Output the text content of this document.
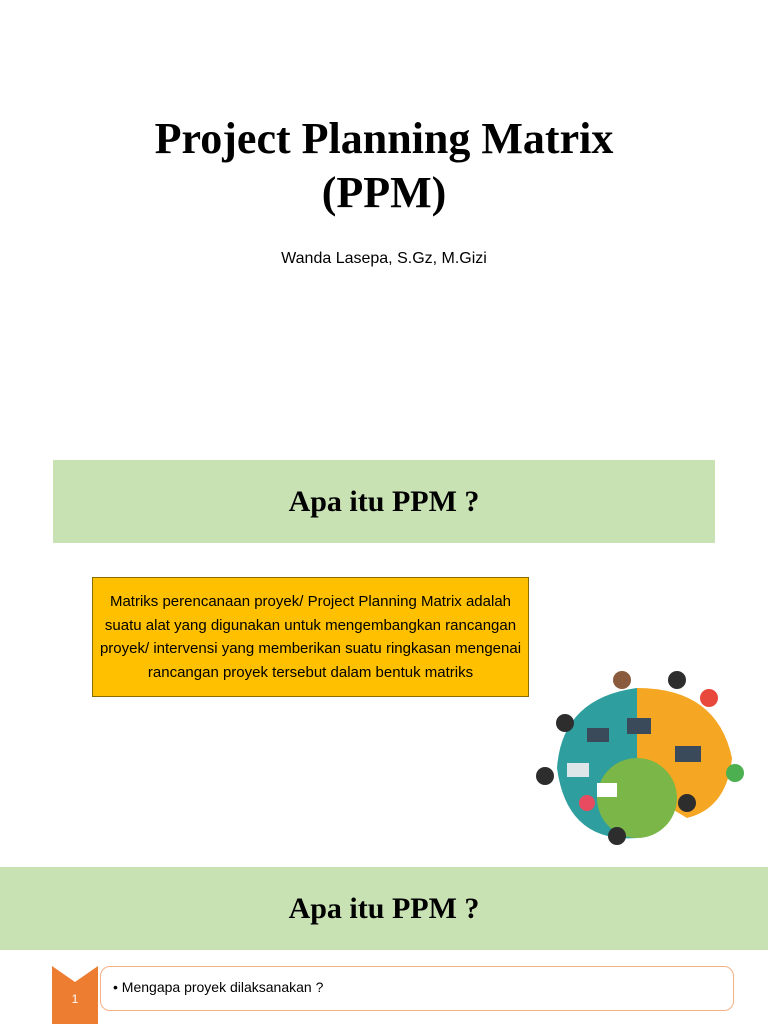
Project Planning Matrix
(PPM)
Wanda Lasepa, S.Gz, M.Gizi
Apa itu PPM ?
Matriks perencanaan proyek/ Project Planning Matrix adalah suatu alat yang digunakan untuk mengembangkan rancangan proyek/ intervensi yang memberikan suatu ringkasan mengenai rancangan proyek tersebut dalam bentuk matriks
Apa itu PPM ?
1
• Mengapa proyek dilaksanakan ?
